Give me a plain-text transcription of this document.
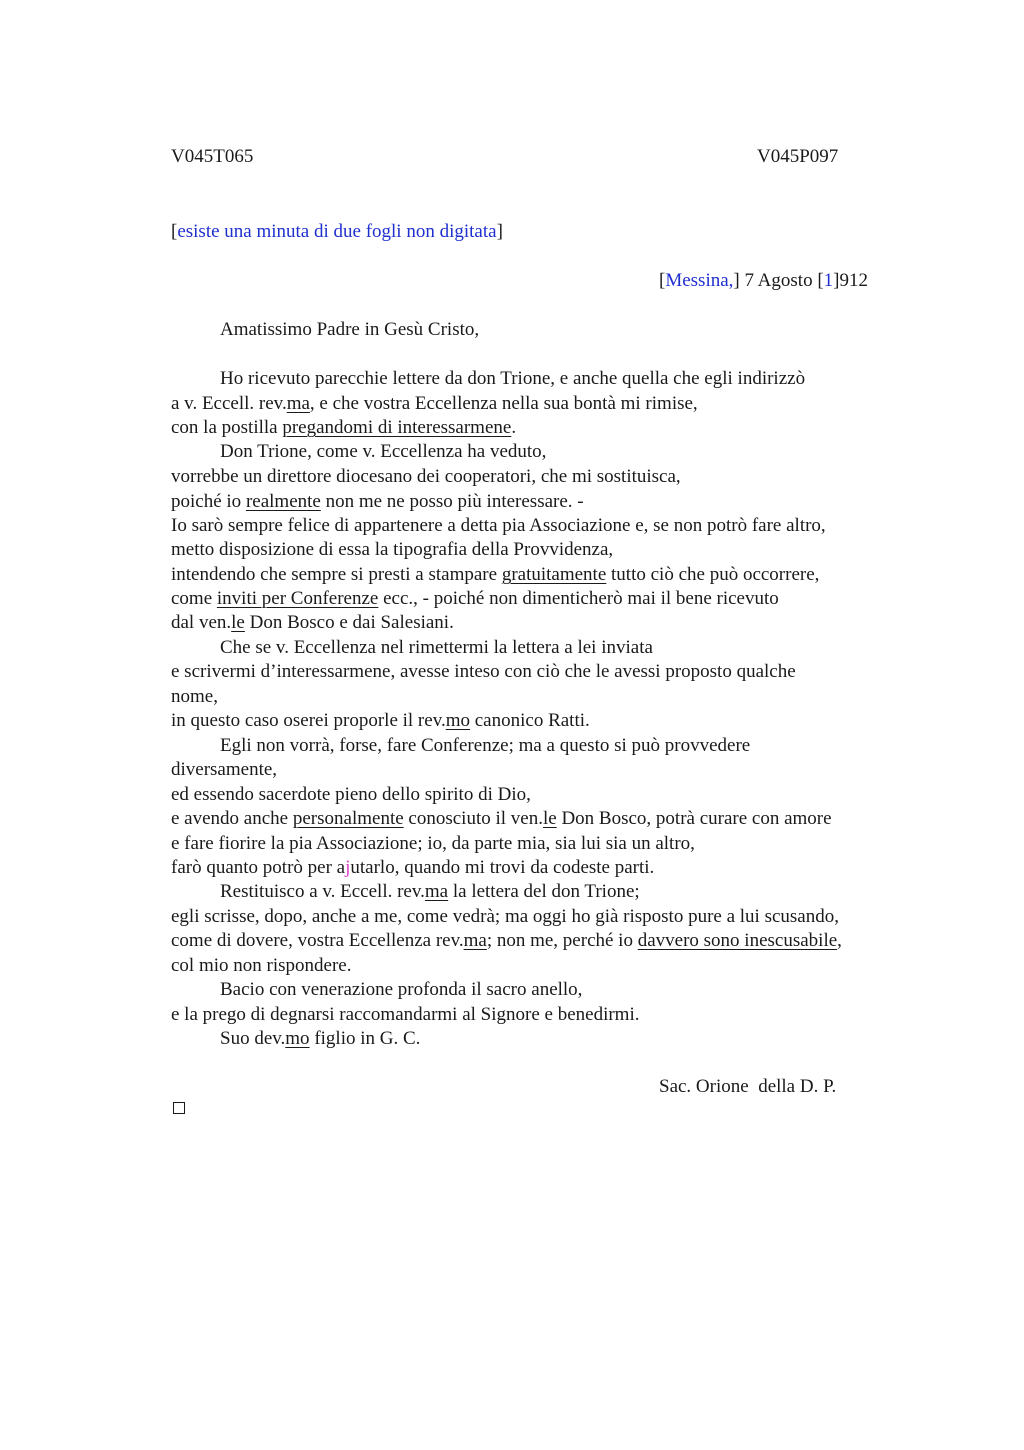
V045T065	V045P097
[esiste una minuta di due fogli non digitata]
[Messina,] 7 Agosto [1]912
Amatissimo Padre in Gesù Cristo,
Ho ricevuto parecchie lettere da don Trione, e anche quella che egli indirizzò
a v. Eccell. rev.ma, e che vostra Eccellenza nella sua bontà mi rimise,
con la postilla pregandomi di interessarmene.
Don Trione, come v. Eccellenza ha veduto,
vorrebbe un direttore diocesano dei cooperatori, che mi sostituisca,
poiché io realmente non me ne posso più interessare. -
Io sarò sempre felice di appartenere a detta pia Associazione e, se non potrò fare altro,
metto disposizione di essa la tipografia della Provvidenza,
intendendo che sempre si presti a stampare gratuitamente tutto ciò che può occorrere,
come inviti per Conferenze ecc., - poiché non dimenticherò mai il bene ricevuto
dal ven.le Don Bosco e dai Salesiani.
Che se v. Eccellenza nel rimettermi la lettera a lei inviata
e scrivermi d’interessarmene, avesse inteso con ciò che le avessi proposto qualche
nome,
in questo caso oserei proporle il rev.mo canonico Ratti.
Egli non vorrà, forse, fare Conferenze; ma a questo si può provvedere
diversamente,
ed essendo sacerdote pieno dello spirito di Dio,
e avendo anche personalmente conosciuto il ven.le Don Bosco, potrà curare con amore
e fare fiorire la pia Associazione; io, da parte mia, sia lui sia un altro,
farò quanto potrò per ajutarlo, quando mi trovi da codeste parti.
Restituisco a v. Eccell. rev.ma la lettera del don Trione;
egli scrisse, dopo, anche a me, come vedrà; ma oggi ho già risposto pure a lui scusando,
come di dovere, vostra Eccellenza rev.ma; non me, perché io davvero sono inescusabile,
col mio non rispondere.
Bacio con venerazione profonda il sacro anello,
e la prego di degnarsi raccomandarmi al Signore e benedirmi.
Suo dev.mo figlio in G. C.
Sac. Orione  della D. P.
